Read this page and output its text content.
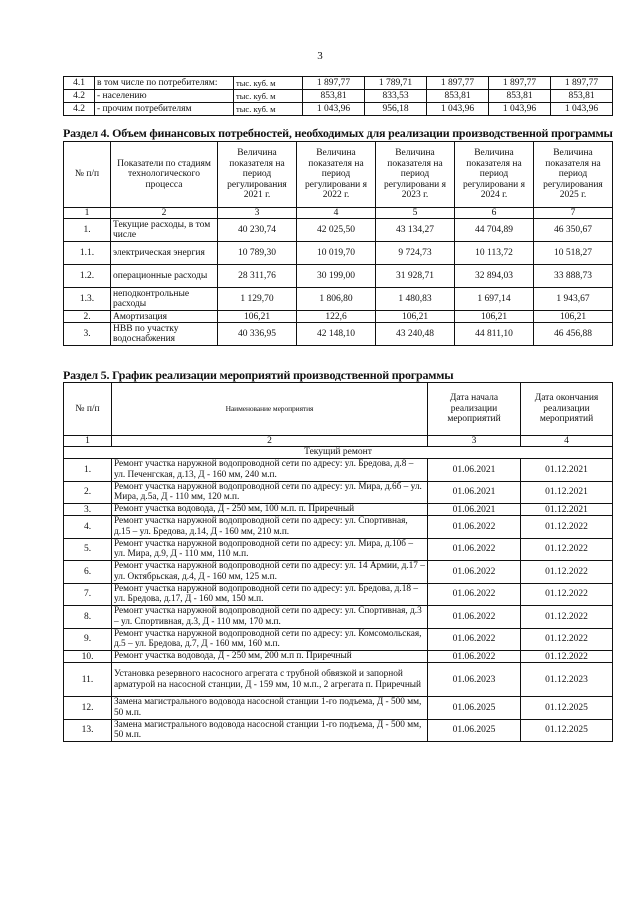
3
4.1	в том числе по потребителям:	тыс. куб. м	1 897,77	1 789,71	1 897,77	1 897,77	1 897,77
4.2	- населению	тыс. куб. м	853,81	833,53	853,81	853,81	853,81
4.2	- прочим потребителям	тыс. куб. м	1 043,96	956,18	1 043,96	1 043,96	1 043,96
Раздел 4. Объем финансовых потребностей, необходимых для реализации производственной программы
№ п/п	Показатели по стадиям технологического процесса	Величина показателя на период регулирования 2021 г.	Величина показателя на период регулировани я 2022 г.	Величина показателя на период регулировани я 2023 г.	Величина показателя на период регулировани я 2024 г.	Величина показателя на период регулирования 2025 г.
1	2	3	4	5	6	7
1.	Текущие расходы, в том числе	40 230,74	42 025,50	43 134,27	44 704,89	46 350,67
1.1.	электрическая энергия	10 789,30	10 019,70	9 724,73	10 113,72	10 518,27
1.2.	операционные расходы	28 311,76	30 199,00	31 928,71	32 894,03	33 888,73
1.3.	неподконтрольные расходы	1 129,70	1 806,80	1 480,83	1 697,14	1 943,67
2.	Амортизация	106,21	122,6	106,21	106,21	106,21
3.	НВВ по участку водоснабжения	40 336,95	42 148,10	43 240,48	44 811,10	46 456,88
Раздел 5. График реализации мероприятий производственной программы
№ п/п	Наименование мероприятия	Дата начала реализации мероприятий	Дата окончания реализации мероприятий
1	2	3	4
Текущий ремонт			
1.	Ремонт участка наружной водопроводной сети по адресу: ул. Бредова, д.8 – ул. Печенгская, д.13, Д - 160 мм, 240 м.п.	01.06.2021	01.12.2021
2.	Ремонт участка наружной водопроводной сети по адресу: ул. Мира, д.6б – ул. Мира, д.5а, Д - 110 мм, 120 м.п.	01.06.2021	01.12.2021
3.	Ремонт участка водовода, Д - 250 мм, 100 м.п. п. Приречный	01.06.2021	01.12.2021
4.	Ремонт участка наружной водопроводной сети по адресу: ул. Спортивная, д.15 – ул. Бредова, д.14, Д - 160 мм, 210 м.п.	01.06.2022	01.12.2022
5.	Ремонт участка наружной водопроводной сети по адресу: ул. Мира, д.10б – ул. Мира, д.9, Д - 110 мм, 110 м.п.	01.06.2022	01.12.2022
6.	Ремонт участка наружной водопроводной сети по адресу: ул. 14 Армии, д.17 – ул. Октябрьская, д.4, Д - 160 мм, 125 м.п.	01.06.2022	01.12.2022
7.	Ремонт участка наружной водопроводной сети по адресу: ул. Бредова, д.18 – ул. Бредова, д.17, Д - 160 мм, 150 м.п.	01.06.2022	01.12.2022
8.	Ремонт участка наружной водопроводной сети по адресу: ул. Спортивная, д.3 – ул. Спортивная, д.3, Д - 110 мм, 170 м.п.	01.06.2022	01.12.2022
9.	Ремонт участка наружной водопроводной сети по адресу: ул. Комсомольская, д.5 – ул. Бредова, д.7, Д - 160 мм, 160 м.п.	01.06.2022	01.12.2022
10.	Ремонт участка водовода, Д - 250 мм, 200 м.п п. Приречный	01.06.2022	01.12.2022
11.	Установка резервного насосного агрегата с трубной обвязкой и запорной арматурой на насосной станции, Д - 159 мм, 10 м.п., 2 агрегата п. Приречный	01.06.2023	01.12.2023
12.	Замена магистрального водовода насосной станции 1-го подъема, Д - 500 мм, 50 м.п.	01.06.2025	01.12.2025
13.	Замена магистрального водовода насосной станции 1-го подъема, Д - 500 мм, 50 м.п.	01.06.2025	01.12.2025
